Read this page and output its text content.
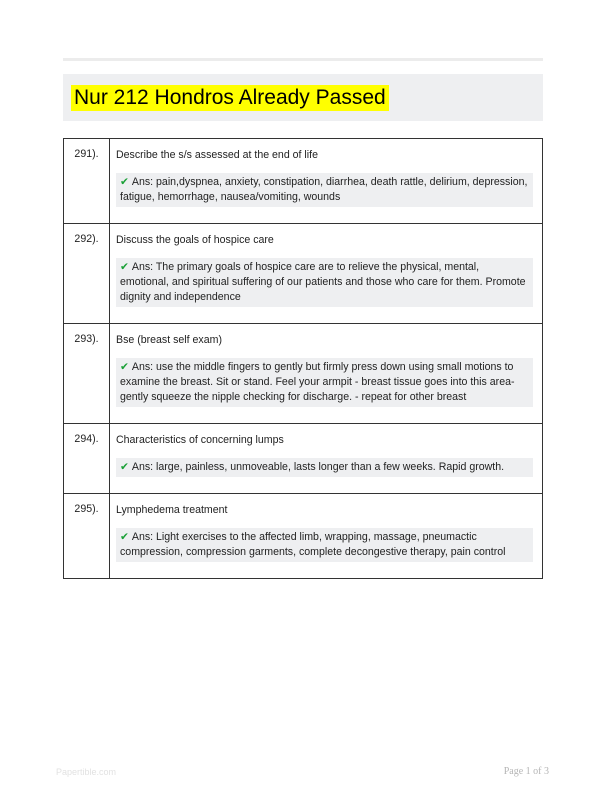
Nur 212 Hondros Already Passed
291).	Describe the s/s assessed at the end of life
✔ Ans: pain,dyspnea, anxiety, constipation, diarrhea, death rattle, delirium, depression, fatigue, hemorrhage, nausea/vomiting, wounds

292).	Discuss the goals of hospice care
✔ Ans: The primary goals of hospice care are to relieve the physical, mental, emotional, and spiritual suffering of our patients and those who care for them. Promote dignity and independence

293).	Bse (breast self exam)
✔ Ans: use the middle fingers to gently but firmly press down using small motions to examine the breast. Sit or stand. Feel your armpit - breast tissue goes into this area- gently squeeze the nipple checking for discharge. - repeat for other breast

294).	Characteristics of concerning lumps
✔ Ans: large, painless, unmoveable, lasts longer than a few weeks. Rapid growth.

295).	Lymphedema treatment
✔ Ans: Light exercises to the affected limb, wrapping, massage, pneumactic compression, compression garments, complete decongestive therapy, pain control
Papertible.com	Page 1 of 3
